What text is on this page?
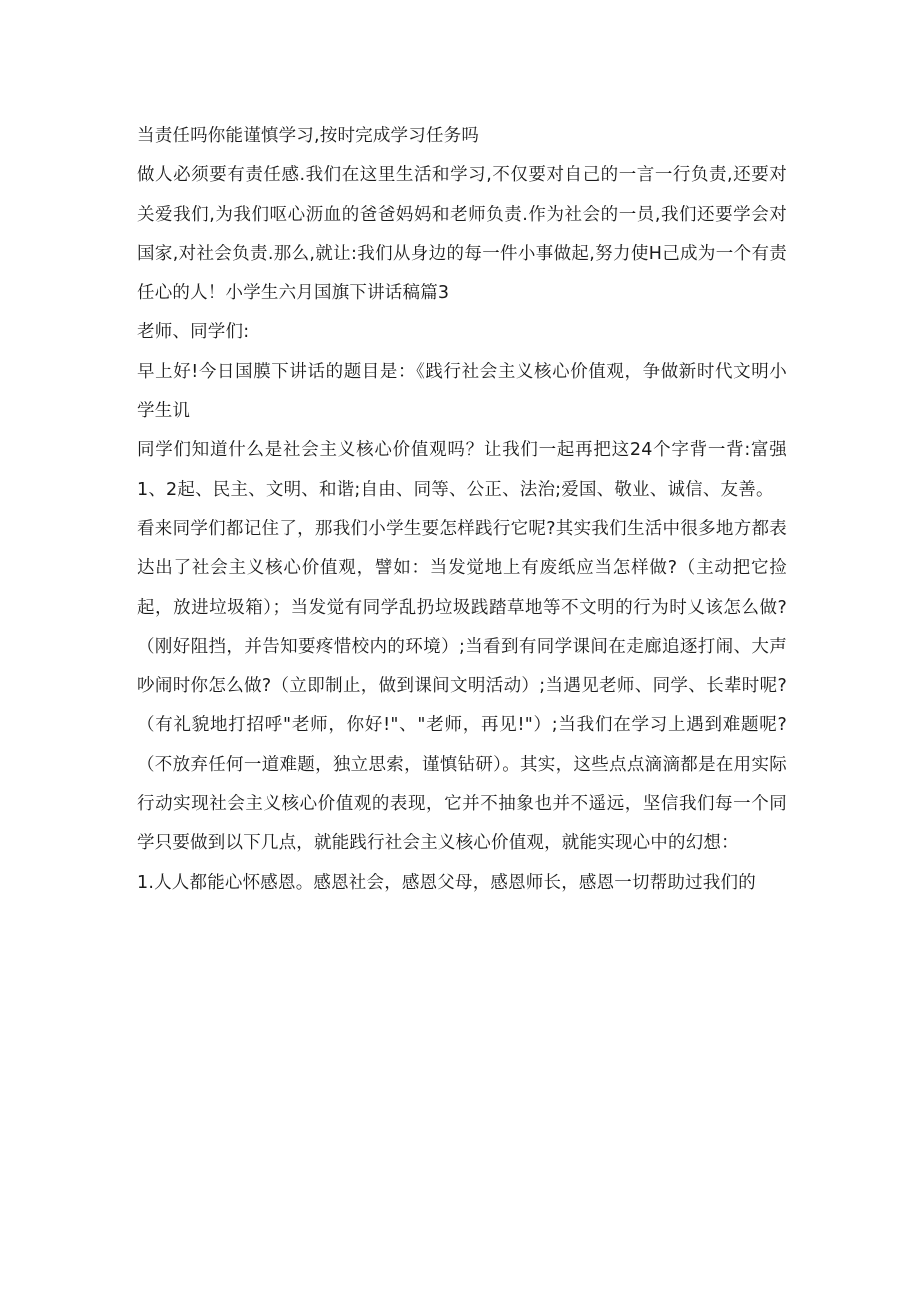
当责任吗你能谨慎学习,按时完成学习任务吗

做人必须要有责任感.我们在这里生活和学习,不仅要对自己的一言一行负责,还要对关爱我们,为我们呕心沥血的爸爸妈妈和老师负责.作为社会的一员,我们还要学会对国家,对社会负责.那么,就让:我们从身边的每一件小事做起,努力使H己成为一个有责任心的人！小学生六月国旗下讲话稿篇3

老师、同学们:

早上好!今日国膜下讲话的题目是：《践行社会主义核心价值观，争做新时代文明小学生讥

同学们知道什么是社会主义核心价值观吗？让我们一起再把这24个字背一背:富强1、2起、民主、文明、和谐;自由、同等、公正、法治;爱国、敬业、诚信、友善。

看来同学们都记住了，那我们小学生要怎样践行它呢?其实我们生活中很多地方都表达出了社会主义核心价值观，譬如：当发觉地上有废纸应当怎样做?（主动把它捡起，放进垃圾箱）；当发觉有同学乱扔垃圾践踏草地等不文明的行为时乂该怎么做?（刚好阻挡，并告知要疼惜校内的环境）;当看到有同学课间在走廊追逐打闹、大声吵闹时你怎么做?（立即制止，做到课间文明活动）;当遇见老师、同学、长辈时呢?（有礼貌地打招呼"老师，你好!"、"老师，再见!"）;当我们在学习上遇到难题呢?（不放弃任何一道难题，独立思索，谨慎钻研）。其实，这些点点滴滴都是在用实际行动实现社会主义核心价值观的表现，它并不抽象也并不遥远，坚信我们每一个同学只要做到以下几点，就能践行社会主义核心价值观，就能实现心中的幻想：

1.人人都能心怀感恩。感恩社会，感恩父母，感恩师长，感恩一切帮助过我们的
